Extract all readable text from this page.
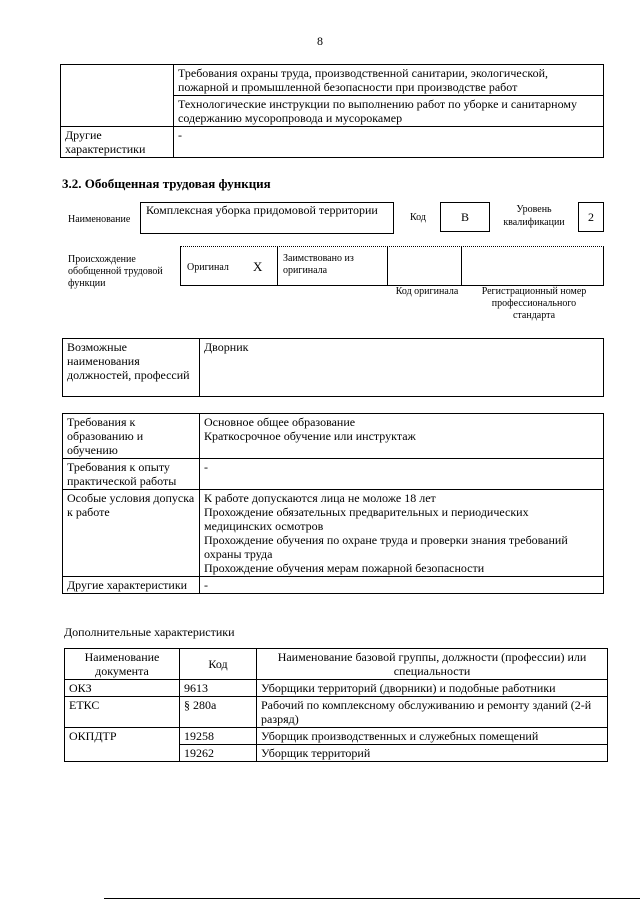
8
	Требования охраны труда, производственной санитарии, экологической, пожарной и промышленной безопасности при производстве работ
	Технологические инструкции по выполнению работ по уборке и санитарному содержанию мусоропровода и мусорокамер
Другие характеристики	-
3.2. Обобщенная трудовая функция
Наименование
Комплексная уборка придомовой территории
Код	B
Уровень квалификации	2
Происхождение обобщенной трудовой функции
Оригинал X
Заимствовано из оригинала
Код оригинала	Регистрационный номер профессионального стандарта
Возможные наименования должностей, профессий	Дворник
Требования к образованию и обучению	Основное общее образование
Краткосрочное обучение или инструктаж

Требования к опыту практической работы	-
Особые условия допуска к работе	К работе допускаются лица не моложе 18 лет
Прохождение обязательных предварительных и периодических медицинских осмотров
Прохождение обучения по охране труда и проверки знания требований охраны труда
Прохождение обучения мерам пожарной безопасности

Другие характеристики	-
Дополнительные характеристики
Наименование документа	Код	Наименование базовой группы, должности (профессии) или специальности
ОКЗ	9613	Уборщики территорий (дворники) и подобные работники
ЕТКС	§ 280а	Рабочий по комплексному обслуживанию и ремонту зданий (2-й разряд)
ОКПДТР	19258	Уборщик производственных и служебных помещений
	19262	Уборщик территорий
